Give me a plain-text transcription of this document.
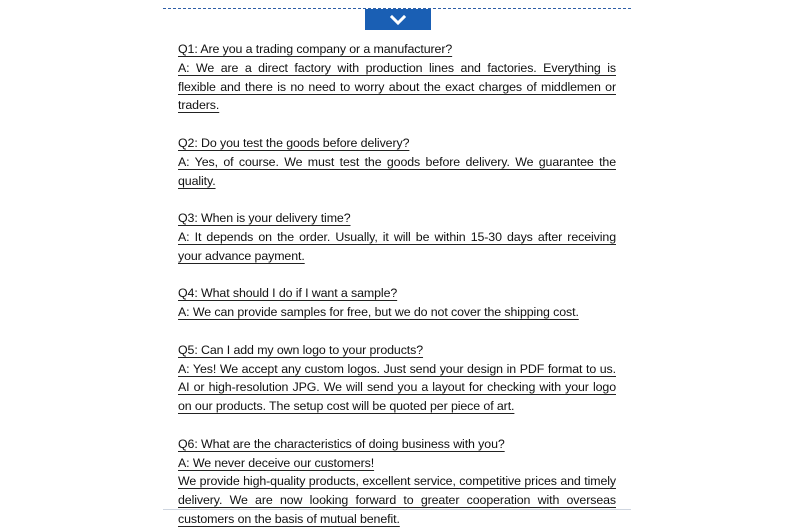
Q1: Are you a trading company or a manufacturer?
A: We are a direct factory with production lines and factories. Everything is flexible and there is no need to worry about the exact charges of middlemen or traders.
Q2: Do you test the goods before delivery?
A: Yes, of course. We must test the goods before delivery. We guarantee the quality.
Q3: When is your delivery time?
A: It depends on the order. Usually, it will be within 15-30 days after receiving your advance payment.
Q4: What should I do if I want a sample?
A: We can provide samples for free, but we do not cover the shipping cost.
Q5: Can I add my own logo to your products?
A: Yes! We accept any custom logos. Just send your design in PDF format to us. AI or high-resolution JPG. We will send you a layout for checking with your logo on our products. The setup cost will be quoted per piece of art.
Q6: What are the characteristics of doing business with you?
A: We never deceive our customers!
We provide high-quality products, excellent service, competitive prices and timely delivery. We are now looking forward to greater cooperation with overseas customers on the basis of mutual benefit.
